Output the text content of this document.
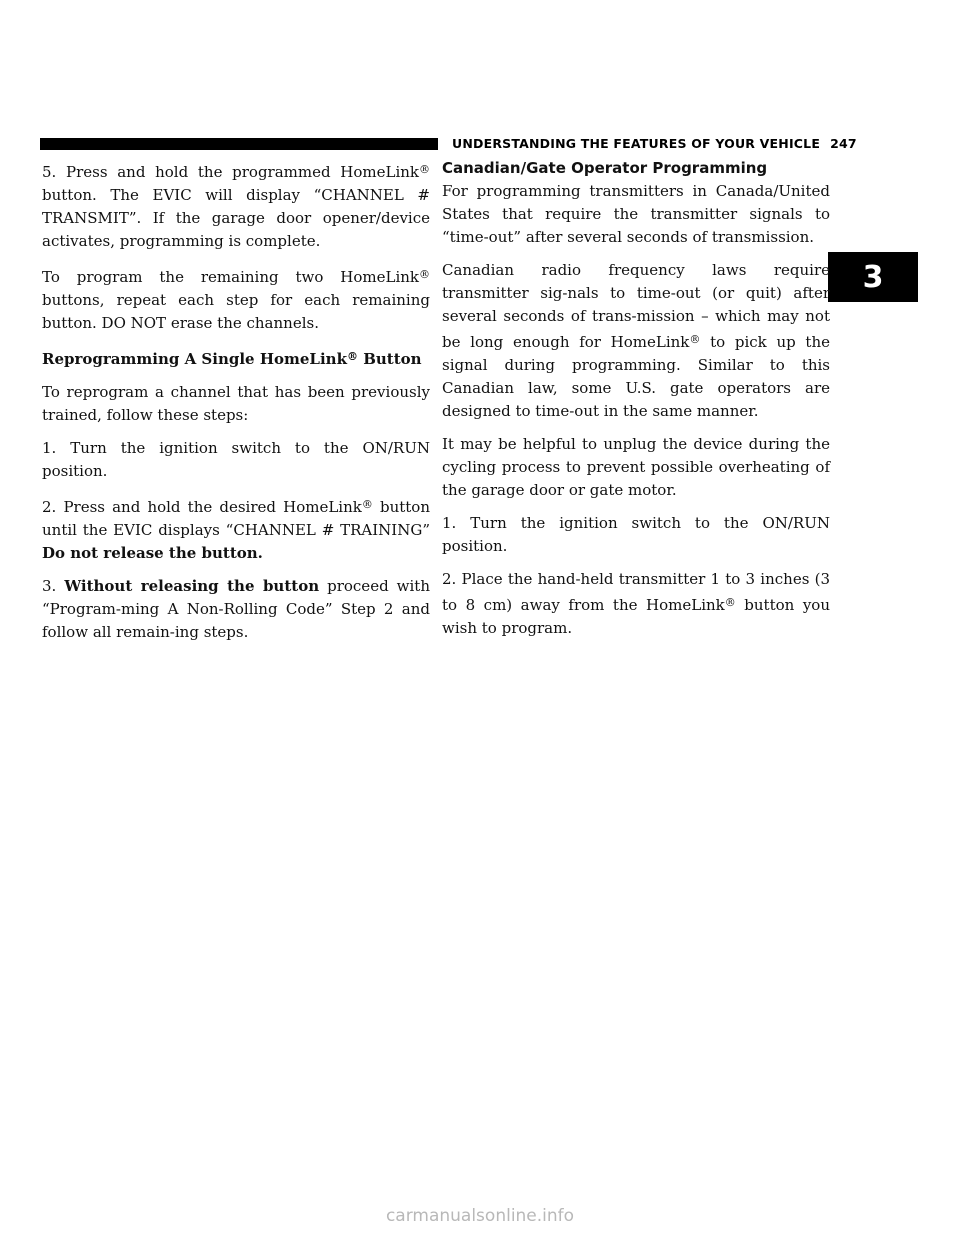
UNDERSTANDING THE FEATURES OF YOUR VEHICLE 247
3

5. Press and hold the programmed HomeLink® button. The EVIC will display “CHANNEL # TRANSMIT”. If the garage door opener/device activates, programming is complete.

To program the remaining two HomeLink® buttons, repeat each step for each remaining button. DO NOT erase the channels.

Reprogramming A Single HomeLink® Button

To reprogram a channel that has been previously trained, follow these steps:

1. Turn the ignition switch to the ON/RUN position.

2. Press and hold the desired HomeLink® button until the EVIC displays “CHANNEL # TRAINING” Do not release the button.

3. Without releasing the button proceed with “Program-ming A Non-Rolling Code” Step 2 and follow all remain-ing steps.

Canadian/Gate Operator Programming

For programming transmitters in Canada/United States that require the transmitter signals to “time-out” after several seconds of transmission.

Canadian radio frequency laws require transmitter sig-nals to time-out (or quit) after several seconds of trans-mission – which may not be long enough for HomeLink® to pick up the signal during programming. Similar to this Canadian law, some U.S. gate operators are designed to time-out in the same manner.

It may be helpful to unplug the device during the cycling process to prevent possible overheating of the garage door or gate motor.

1. Turn the ignition switch to the ON/RUN position.

2. Place the hand-held transmitter 1 to 3 inches (3 to 8 cm) away from the HomeLink® button you wish to program.

carmanualsonline.info
